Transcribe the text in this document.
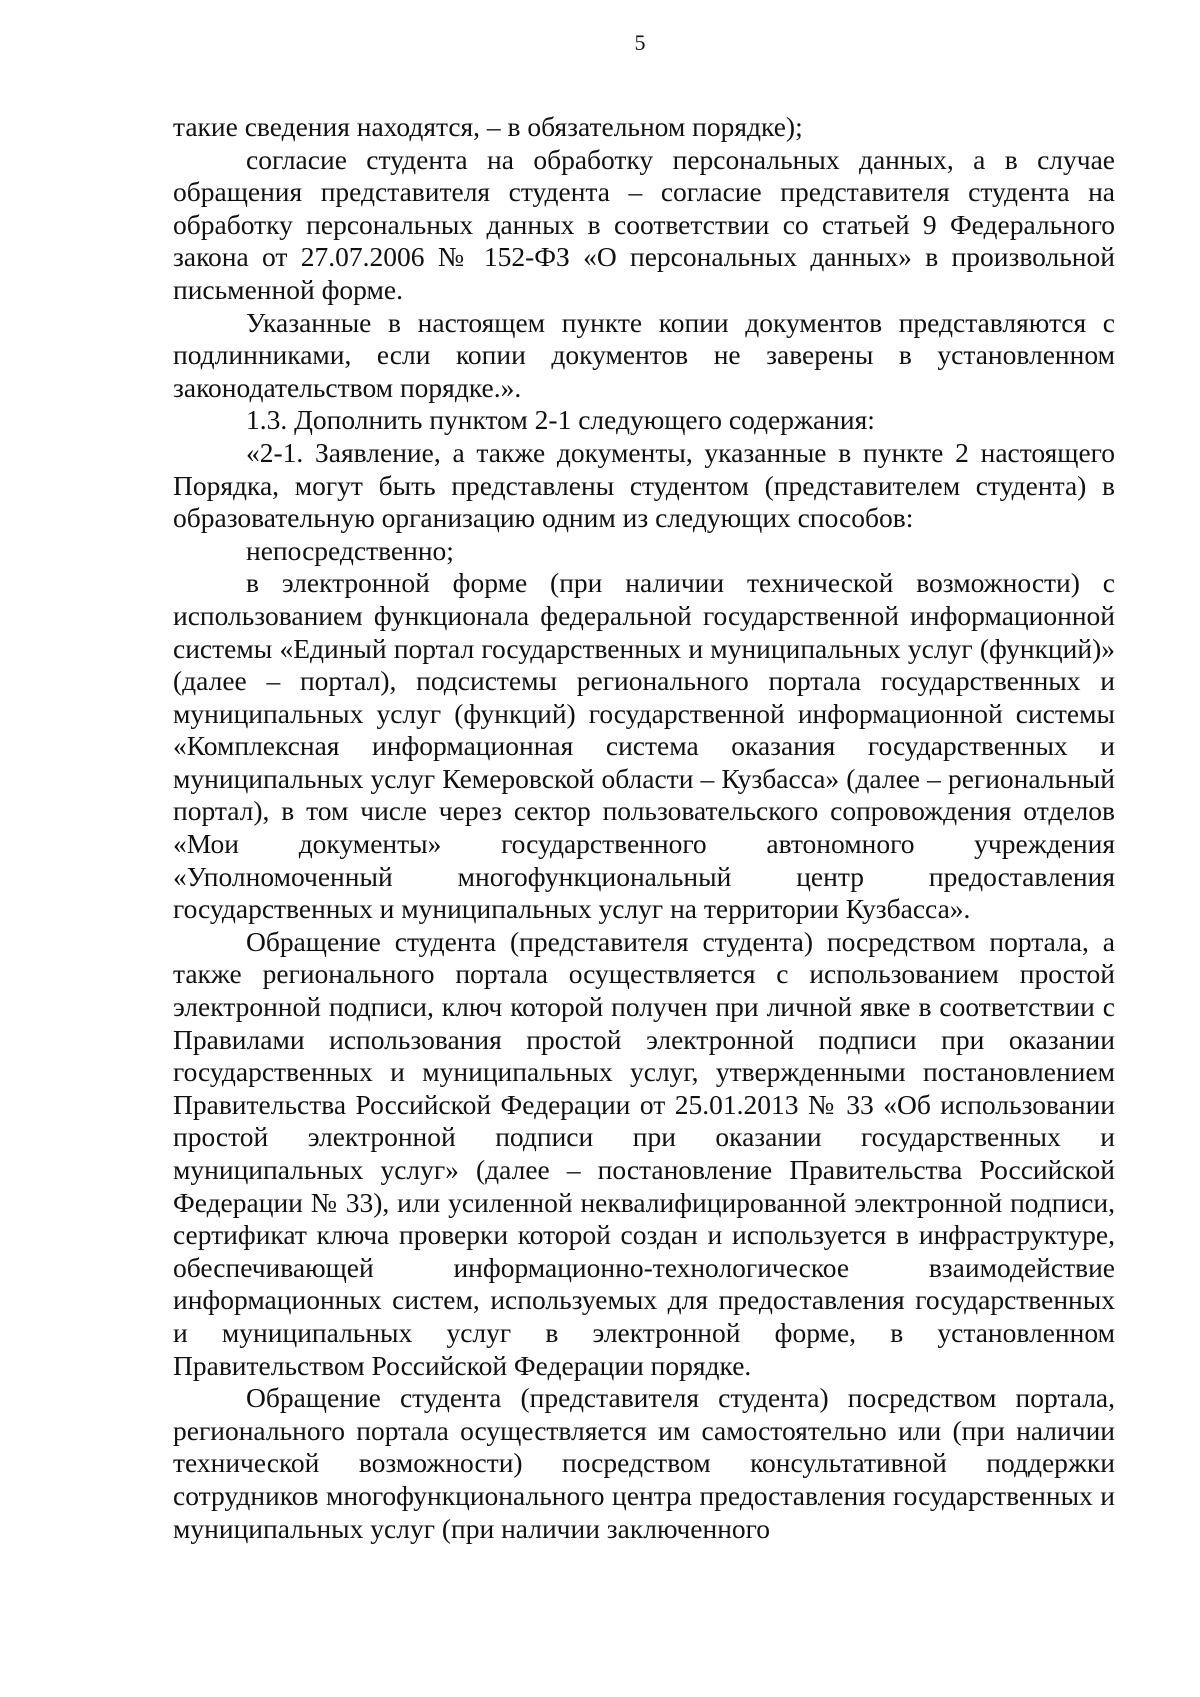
5

такие сведения находятся, – в обязательном порядке);

согласие студента на обработку персональных данных, а в случае обращения представителя студента – согласие представителя студента на обработку персональных данных в соответствии со статьей 9 Федерального закона от 27.07.2006 № 152-ФЗ «О персональных данных» в произвольной письменной форме.

Указанные в настоящем пункте копии документов представляются с подлинниками, если копии документов не заверены в установленном законодательством порядке.».

1.3. Дополнить пунктом 2-1 следующего содержания:

«2-1. Заявление, а также документы, указанные в пункте 2 настоящего Порядка, могут быть представлены студентом (представителем студента) в образовательную организацию одним из следующих способов:

непосредственно;

в электронной форме (при наличии технической возможности) с использованием функционала федеральной государственной информационной системы «Единый портал государственных и муниципальных услуг (функций)» (далее – портал), подсистемы регионального портала государственных и муниципальных услуг (функций) государственной информационной системы «Комплексная информационная система оказания государственных и муниципальных услуг Кемеровской области – Кузбасса» (далее – региональный портал), в том числе через сектор пользовательского сопровождения отделов «Мои документы» государственного автономного учреждения «Уполномоченный многофункциональный центр предоставления государственных и муниципальных услуг на территории Кузбасса».

Обращение студента (представителя студента) посредством портала, а также регионального портала осуществляется с использованием простой электронной подписи, ключ которой получен при личной явке в соответствии с Правилами использования простой электронной подписи при оказании государственных и муниципальных услуг, утвержденными постановлением Правительства Российской Федерации от 25.01.2013 № 33 «Об использовании простой электронной подписи при оказании государственных и муниципальных услуг» (далее – постановление Правительства Российской Федерации № 33), или усиленной неквалифицированной электронной подписи, сертификат ключа проверки которой создан и используется в инфраструктуре, обеспечивающей информационно-технологическое взаимодействие информационных систем, используемых для предоставления государственных и муниципальных услуг в электронной форме, в установленном Правительством Российской Федерации порядке.

Обращение студента (представителя студента) посредством портала, регионального портала осуществляется им самостоятельно или (при наличии технической возможности) посредством консультативной поддержки сотрудников многофункционального центра предоставления государственных и муниципальных услуг (при наличии заключенного
